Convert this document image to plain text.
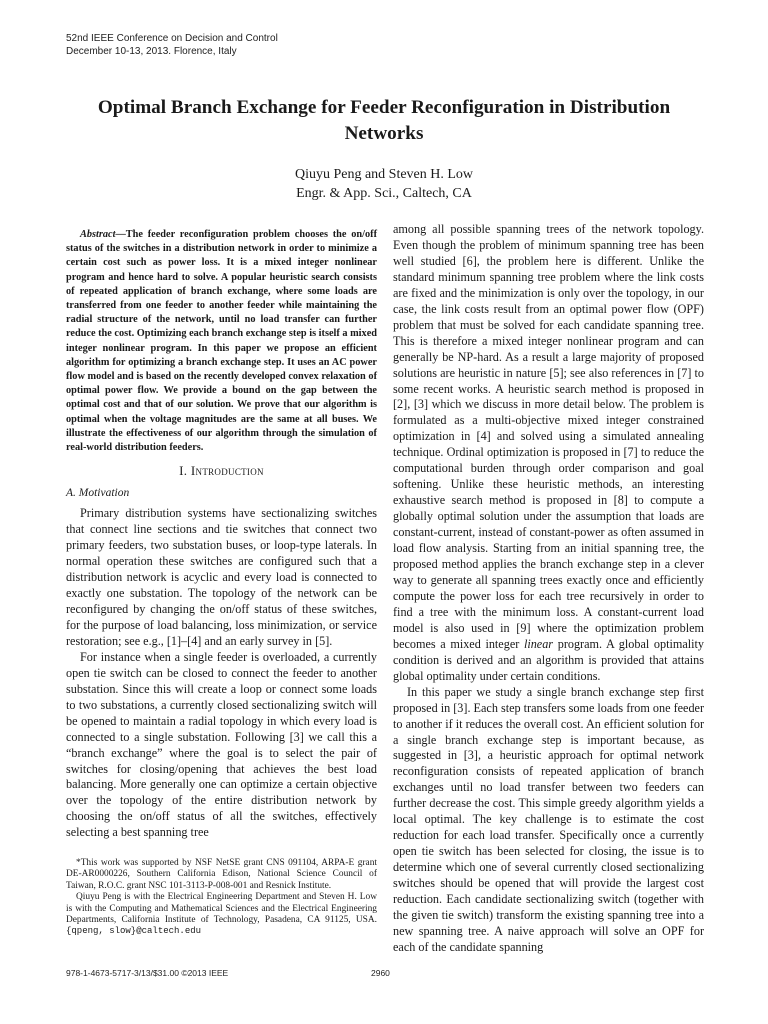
52nd IEEE Conference on Decision and Control
December 10-13, 2013. Florence, Italy
Optimal Branch Exchange for Feeder Reconfiguration in Distribution Networks
Qiuyu Peng and Steven H. Low
Engr. & App. Sci., Caltech, CA

Abstract—The feeder reconfiguration problem chooses the on/off status of the switches in a distribution network in order to minimize a certain cost such as power loss. It is a mixed integer nonlinear program and hence hard to solve. A popular heuristic search consists of repeated application of branch exchange, where some loads are transferred from one feeder to another feeder while maintaining the radial structure of the network, until no load transfer can further reduce the cost. Optimizing each branch exchange step is itself a mixed integer nonlinear program. In this paper we propose an efficient algorithm for optimizing a branch exchange step. It uses an AC power flow model and is based on the recently developed convex relaxation of optimal power flow. We provide a bound on the gap between the optimal cost and that of our solution. We prove that our algorithm is optimal when the voltage magnitudes are the same at all buses. We illustrate the effectiveness of our algorithm through the simulation of real-world distribution feeders.

I. Introduction
A. Motivation

Primary distribution systems have sectionalizing switches that connect line sections and tie switches that connect two primary feeders, two substation buses, or loop-type laterals. In normal operation these switches are configured such that a distribution network is acyclic and every load is connected to exactly one substation. The topology of the network can be reconfigured by changing the on/off status of these switches, for the purpose of load balancing, loss minimization, or service restoration; see e.g., [1]–[4] and an early survey in [5].

For instance when a single feeder is overloaded, a currently open tie switch can be closed to connect the feeder to another substation. Since this will create a loop or connect some loads to two substations, a currently closed sectionalizing switch will be opened to maintain a radial topology in which every load is connected to a single substation. Following [3] we call this a “branch exchange” where the goal is to select the pair of switches for closing/opening that achieves the best load balancing. More generally one can optimize a certain objective over the topology of the entire distribution network by choosing the on/off status of all the switches, effectively selecting a best spanning tree

*This work was supported by NSF NetSE grant CNS 091104, ARPA-E grant DE-AR0000226, Southern California Edison, National Science Council of Taiwan, R.O.C. grant NSC 101-3113-P-008-001 and Resnick Institute.

Qiuyu Peng is with the Electrical Engineering Department and Steven H. Low is with the Computing and Mathematical Sciences and the Electrical Engineering Departments, California Institute of Technology, Pasadena, CA 91125, USA. {qpeng, slow}@caltech.edu

among all possible spanning trees of the network topology. Even though the problem of minimum spanning tree has been well studied [6], the problem here is different. Unlike the standard minimum spanning tree problem where the link costs are fixed and the minimization is only over the topology, in our case, the link costs result from an optimal power flow (OPF) problem that must be solved for each candidate spanning tree. This is therefore a mixed integer nonlinear program and can generally be NP-hard. As a result a large majority of proposed solutions are heuristic in nature [5]; see also references in [7] to some recent works. A heuristic search method is proposed in [2], [3] which we discuss in more detail below. The problem is formulated as a multi-objective mixed integer constrained optimization in [4] and solved using a simulated annealing technique. Ordinal optimization is proposed in [7] to reduce the computational burden through order comparison and goal softening. Unlike these heuristic methods, an interesting exhaustive search method is proposed in [8] to compute a globally optimal solution under the assumption that loads are constant-current, instead of constant-power as often assumed in load flow analysis. Starting from an initial spanning tree, the proposed method applies the branch exchange step in a clever way to generate all spanning trees exactly once and efficiently compute the power loss for each tree recursively in order to find a tree with the minimum loss. A constant-current load model is also used in [9] where the optimization problem becomes a mixed integer linear program. A global optimality condition is derived and an algorithm is provided that attains global optimality under certain conditions.

In this paper we study a single branch exchange step first proposed in [3]. Each step transfers some loads from one feeder to another if it reduces the overall cost. An efficient solution for a single branch exchange step is important because, as suggested in [3], a heuristic approach for optimal network reconfiguration consists of repeated application of branch exchanges until no load transfer between two feeders can further decrease the cost. This simple greedy algorithm yields a local optimal. The key challenge is to estimate the cost reduction for each load transfer. Specifically once a currently open tie switch has been selected for closing, the issue is to determine which one of several currently closed sectionalizing switches should be opened that will provide the largest cost reduction. Each candidate sectionalizing switch (together with the given tie switch) transform the existing spanning tree into a new spanning tree. A naive approach will solve an OPF for each of the candidate spanning

978-1-4673-5717-3/13/$31.00 ©2013 IEEE	2960
